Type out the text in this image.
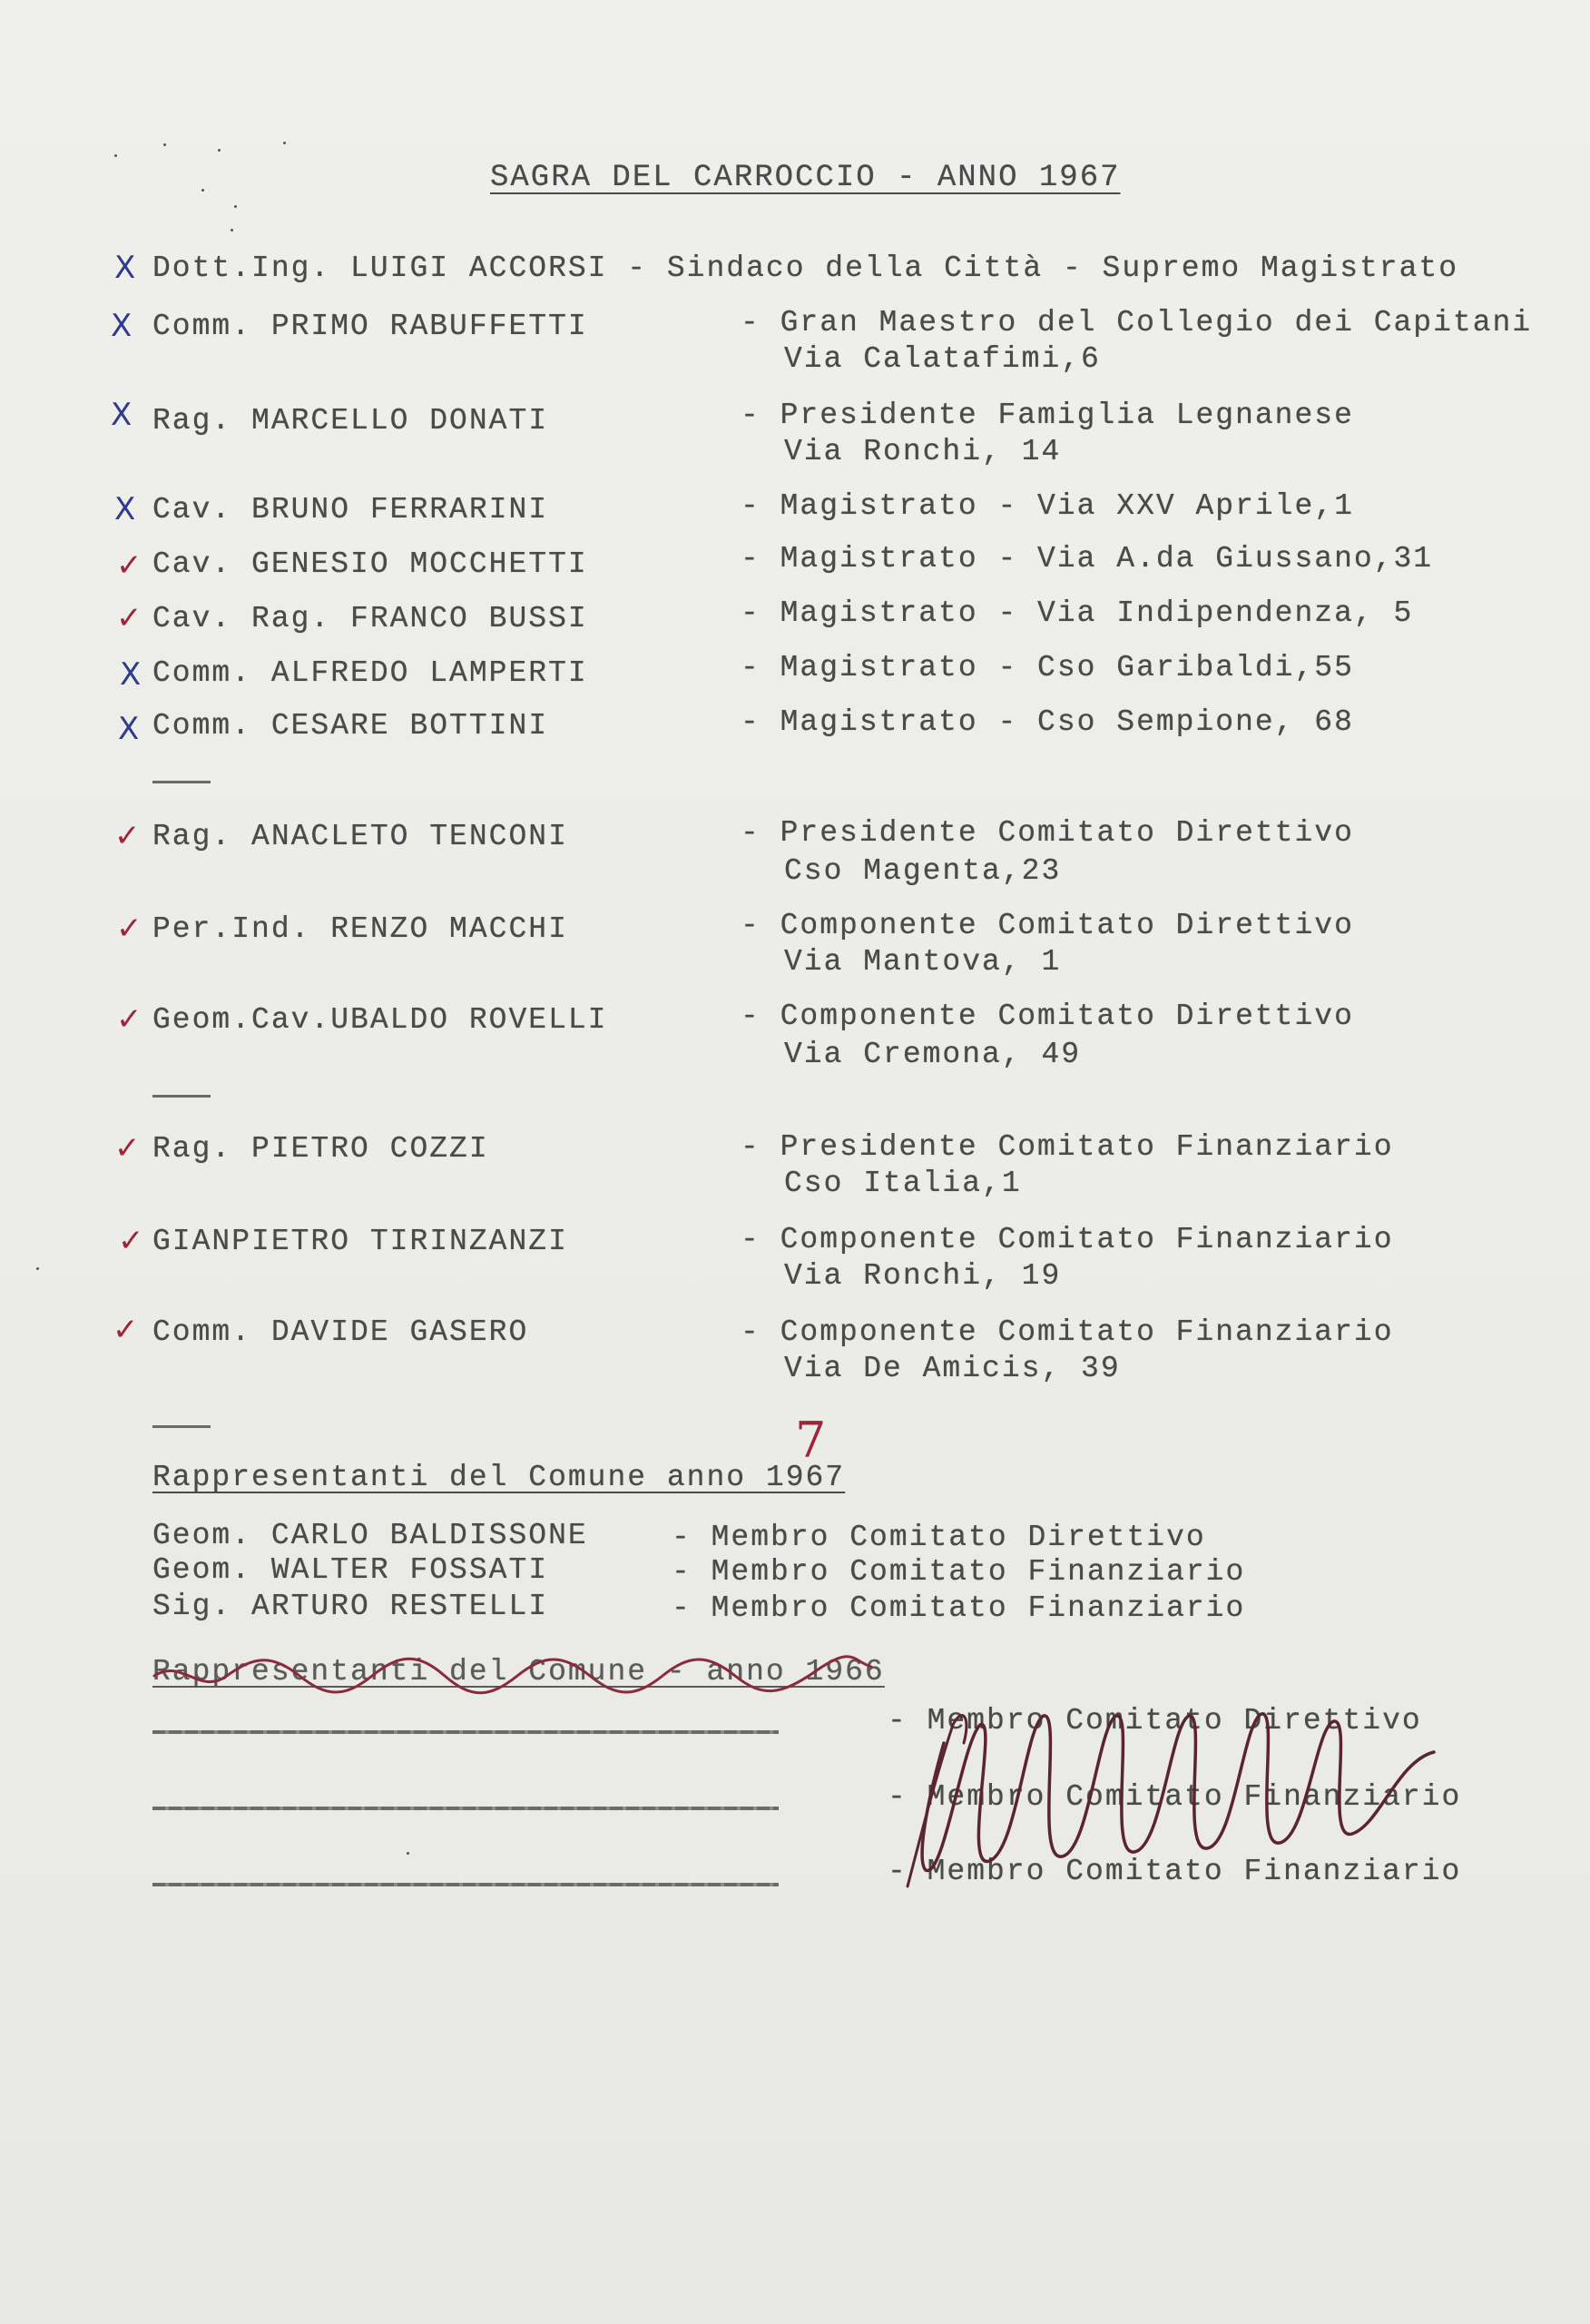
SAGRA DEL CARROCCIO - ANNO 1967
X Dott.Ing. LUIGI ACCORSI - Sindaco della Città - Supremo Magistrato
X Comm. PRIMO RABUFFETTI	- Gran Maestro del Collegio dei Capitani
Via Calatafimi,6
X Rag. MARCELLO DONATI	- Presidente Famiglia Legnanese
Via Ronchi, 14
X Cav. BRUNO FERRARINI	- Magistrato - Via XXV Aprile,1
✓ Cav. GENESIO MOCCHETTI	- Magistrato - Via A.da Giussano,31
✓ Cav. Rag. FRANCO BUSSI	- Magistrato - Via Indipendenza, 5
X Comm. ALFREDO LAMPERTI	- Magistrato - Cso Garibaldi,55
X Comm. CESARE BOTTINI	- Magistrato - Cso Sempione, 68
✓ Rag. ANACLETO TENCONI	- Presidente Comitato Direttivo
Cso Magenta,23
✓ Per.Ind. RENZO MACCHI	- Componente Comitato Direttivo
Via Mantova, 1
✓ Geom.Cav.UBALDO ROVELLI	- Componente Comitato Direttivo
Via Cremona, 49
✓ Rag. PIETRO COZZI	- Presidente Comitato Finanziario
Cso Italia,1
✓ GIANPIETRO TIRINZANZI	- Componente Comitato Finanziario
Via Ronchi, 19
✓ Comm. DAVIDE GASERO	- Componente Comitato Finanziario
Via De Amicis, 39
Rappresentanti del Comune anno 1967
7
Geom. CARLO BALDISSONE	- Membro Comitato Direttivo
Geom. WALTER FOSSATI	- Membro Comitato Finanziario
Sig. ARTURO RESTELLI	- Membro Comitato Finanziario
Rappresentanti del Comune - anno 1966
- Membro Comitato Direttivo
- Membro Comitato Finanziario
- Membro Comitato Finanziario
